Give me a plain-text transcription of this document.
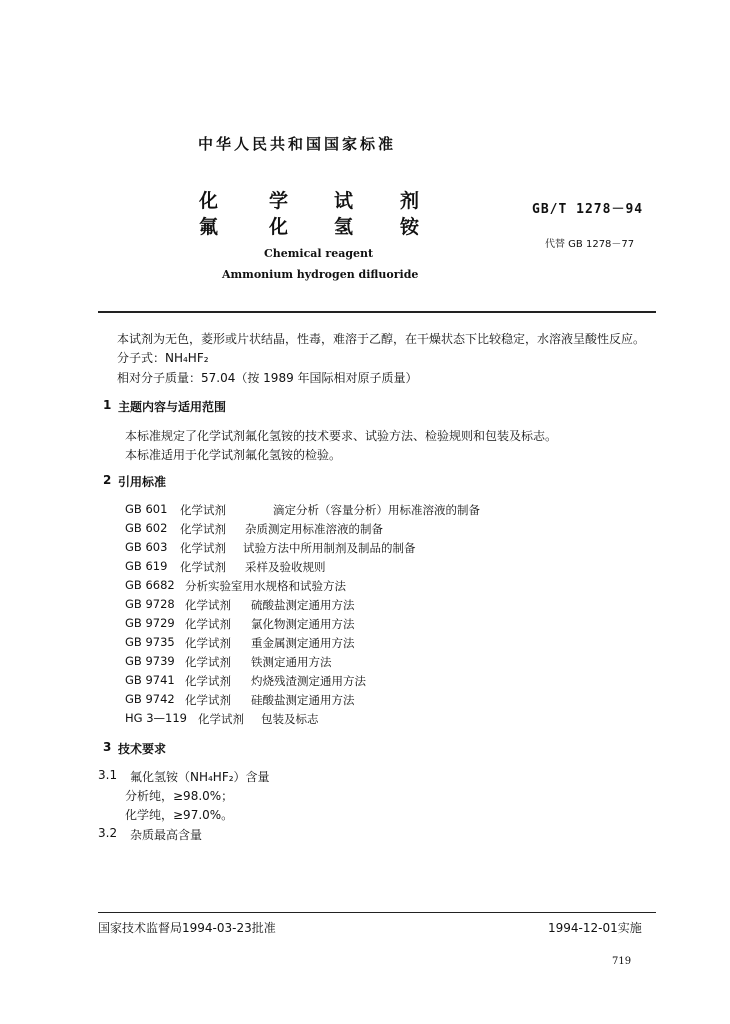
中华人民共和国国家标准
化	学 试 剂
氟	化 氢 铵
GB/T 1278－94
代替 GB 1278－77
Chemical reagent
Ammonium hydrogen difluoride
本试剂为无色，菱形或片状结晶，性毒，难溶于乙醇，在干燥状态下比较稳定，水溶液呈酸性反应。
分子式：NH₄HF₂
相对分子质量：57.04（按 1989 年国际相对原子质量）
1 主题内容与适用范围
本标准规定了化学试剂氟化氢铵的技术要求、试验方法、检验规则和包装及标志。
本标准适用于化学试剂氟化氢铵的检验。
2 引用标准
GB 601 化学试剂	滴定分析（容量分析）用标准溶液的制备
GB 602 化学试剂 杂质测定用标准溶液的制备
GB 603 化学试剂 试验方法中所用制剂及制品的制备
GB 619 化学试剂 采样及验收规则
GB 6682 分析实验室用水规格和试验方法
GB 9728 化学试剂 硫酸盐测定通用方法
GB 9729 化学试剂 氯化物测定通用方法
GB 9735 化学试剂 重金属测定通用方法
GB 9739 化学试剂 铁测定通用方法
GB 9741 化学试剂 灼烧残渣测定通用方法
GB 9742 化学试剂 硅酸盐测定通用方法
HG 3—119 化学试剂 包装及标志
3 技术要求
3.1 氟化氢铵（NH₄HF₂）含量
分析纯，≥98.0%；
化学纯，≥97.0%。
3.2 杂质最高含量
国家技术监督局1994-03-23批准	1994-12-01实施
719
